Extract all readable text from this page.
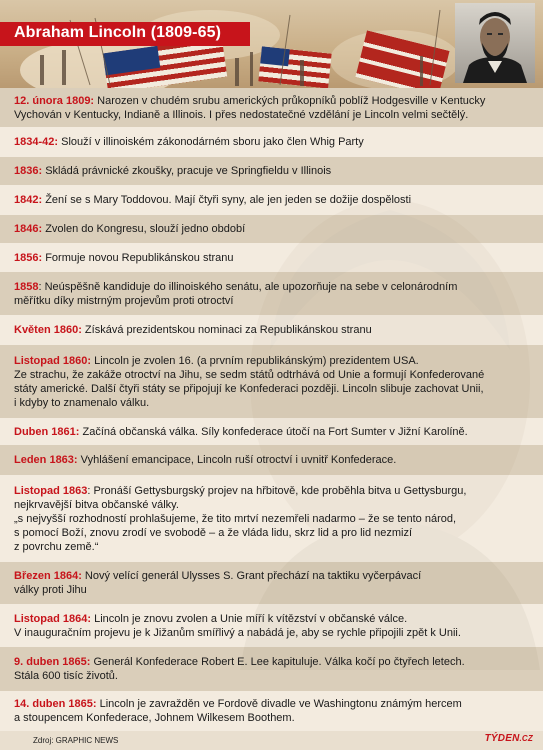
Abraham Lincoln (1809-65)
12. února 1809: Narozen v chudém srubu amerických průkopníků poblíž Hodgesville v Kentucky
Vychován v Kentucky, Indianě a Illinois. I přes nedostatečné vzdělání je Lincoln velmi sečtělý.
1834-42: Slouží v illinoiském zákonodárném sboru jako člen Whig Party
1836: Skládá právnické zkoušky, pracuje ve Springfieldu v Illinois
1842: Žení se s Mary Toddovou. Mají čtyři syny, ale jen jeden se dožije dospělosti
1846: Zvolen do Kongresu, slouží jedno období
1856: Formuje novou Republikánskou stranu
1858: Neúspěšně kandiduje do illinoiského senátu, ale upozorňuje na sebe v celonárodním
měřítku díky mistrným projevům proti otroctví
Květen 1860: Získává prezidentskou nominaci za Republikánskou stranu
Listopad 1860: Lincoln je zvolen 16. (a prvním republikánským) prezidentem USA.
Ze strachu, že zakáže otroctví na Jihu, se sedm států odtrhává od Unie a formují Konfederované
státy americké. Další čtyři státy se připojují ke Konfederaci později. Lincoln slibuje zachovat Unii,
i kdyby to znamenalo válku.
Duben 1861: Začíná občanská válka. Síly konfederace útočí na Fort Sumter v Jižní Karolíně.
Leden 1863: Vyhlášení emancipace, Lincoln ruší otroctví i uvnitř Konfederace.
Listopad 1863: Pronáší Gettysburgský projev na hřbitově, kde proběhla bitva u Gettysburgu,
nejkrvavější bitva občanské války.
„s nejvyšší rozhodností prohlašujeme, že tito mrtví nezemřeli nadarmo – že se tento národ,
s pomocí Boží, znovu zrodí ve svobodě – a že vláda lidu, skrz lid a pro lid nezmizí
z povrchu země.“
Březen 1864: Nový velící generál Ulysses S. Grant přechází na taktiku vyčerpávací
války proti Jihu
Listopad 1864: Lincoln je znovu zvolen a Unie míří k vítězství v občanské válce.
V inauguračním projevu je k Jižanům smířlivý a nabádá je, aby se rychle připojili zpět k Unii.
9. duben 1865: Generál Konfederace Robert E. Lee kapituluje. Válka kočí po čtyřech letech.
Stála 600 tisíc životů.
14. duben 1865: Lincoln je zavražděn ve Fordově divadle ve Washingtonu známým hercem
a stoupencem Konfederace, Johnem Wilkesem Boothem.
Zdroj: GRAPHIC NEWS	TÝDEN.CZ
